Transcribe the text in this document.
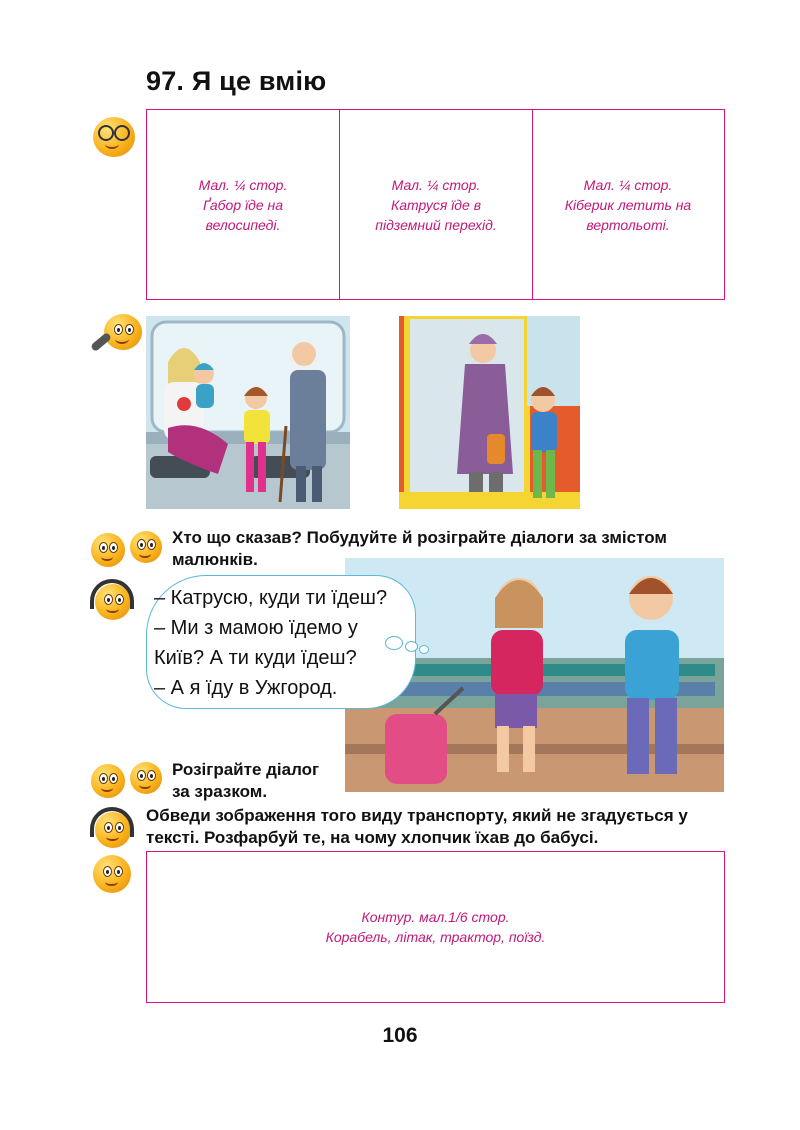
97. Я це вмію
Мал. ¼ стор.
Ґабор їде на
велосипеді.
Мал. ¼ стор.
Катруся їде в
підземний перехід.
Мал. ¼ стор.
Кіберик летить на
вертольоті.
Хто що сказав? Побудуйте й розіграйте діалоги за змістом малюнків.
– Катрусю, куди ти їдеш?
– Ми з мамою їдемо у
Київ? А ти куди їдеш?
– А я їду в Ужгород.
Розіграйте діалог за зразком.
Обведи зображення того виду транспорту, який не згадується у тексті. Розфарбуй те, на чому хлопчик їхав до бабусі.
Контур. мал.1/6 стор.
Корабель, літак, трактор, поїзд.
106
